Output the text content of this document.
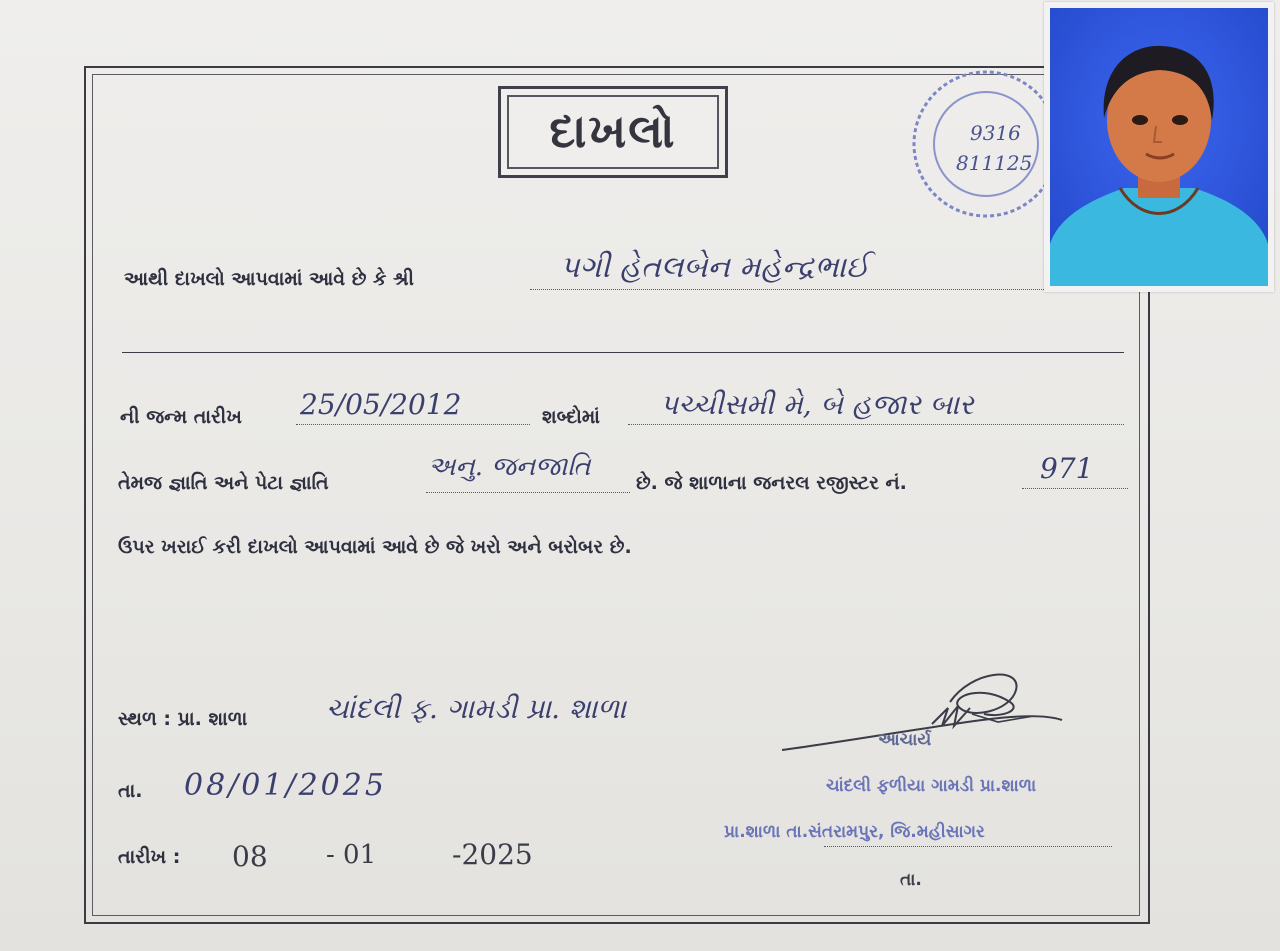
દાખલો
આથી દાખલો આપવામાં આવે છે કે શ્રી	પગી હેતલબેન મહેન્દ્રભાઈ
ની જન્મ તારીખ 25/05/2012	શબ્દોમાં પચ્ચીસમી મે, બે હજાર બાર
તેમજ જ્ઞાતિ અને પેટા જ્ઞાતિ
અનુ. જનજાતિ
છે. જે શાળાના જનરલ રજીસ્ટર નં.	971
ઉપર ખરાઈ કરી દાખલો આપવામાં આવે છે જે ખરો અને બરોબર છે.
સ્થળ : પ્રા. શાળા	ચાંદલી ફ. ગામડી પ્રા. શાળા
તા. 08/01/2025
તારીખ : 08 - 01	-2025
આચાર્ય
ચાંદલી ફળીયા ગામડી પ્રા.શાળા
પ્રા.શાળા તા.સંતરામપુર, જિ.મહીસાગર
તા.
9316
811125
